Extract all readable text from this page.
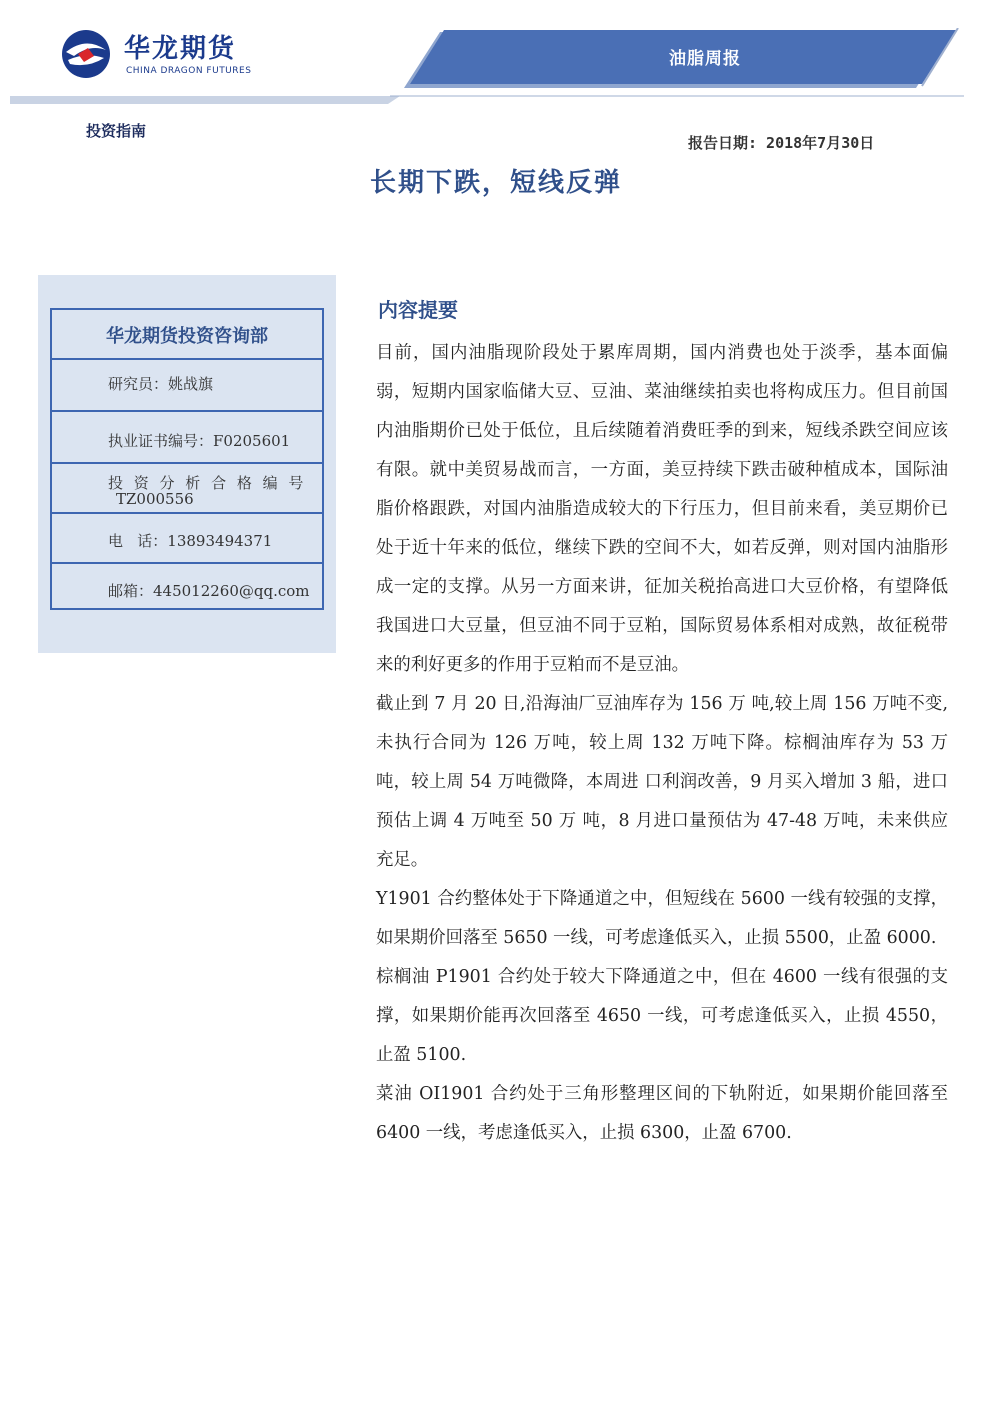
华龙期货
CHINA DRAGON FUTURES
油脂周报
投资指南
报告日期: 2018年7月30日
长期下跌，短线反弹
华龙期货投资咨询部
研究员：姚战旗
执业证书编号：F0205601
投 资 分 析 合 格 编 号
TZ000556
电   话：13893494371
邮箱：445012260@qq.com
内容提要

目前，国内油脂现阶段处于累库周期，国内消费也处于淡季，基本面偏弱，短期内国家临储大豆、豆油、菜油继续拍卖也将构成压力。但目前国内油脂期价已处于低位，且后续随着消费旺季的到来，短线杀跌空间应该有限。就中美贸易战而言，一方面，美豆持续下跌击破种植成本，国际油脂价格跟跌，对国内油脂造成较大的下行压力，但目前来看，美豆期价已处于近十年来的低位，继续下跌的空间不大，如若反弹，则对国内油脂形成一定的支撑。从另一方面来讲，征加关税抬高进口大豆价格，有望降低我国进口大豆量，但豆油不同于豆粕，国际贸易体系相对成熟，故征税带来的利好更多的作用于豆粕而不是豆油。

截止到 7 月 20 日,沿海油厂豆油库存为 156 万 吨,较上周 156 万吨不变,未执行合同为 126 万吨，较上周 132 万吨下降。棕榈油库存为 53 万吨，较上周 54 万吨微降，本周进 口利润改善，9 月买入增加 3 船，进口预估上调 4 万吨至 50 万 吨，8 月进口量预估为 47-48 万吨，未来供应充足。

Y1901 合约整体处于下降通道之中，但短线在 5600 一线有较强的支撑，如果期价回落至 5650 一线，可考虑逢低买入，止损 5500，止盈 6000.

棕榈油 P1901 合约处于较大下降通道之中，但在 4600 一线有很强的支撑，如果期价能再次回落至 4650 一线，可考虑逢低买入，止损 4550，止盈 5100.

菜油 OI1901 合约处于三角形整理区间的下轨附近，如果期价能回落至 6400 一线，考虑逢低买入，止损 6300，止盈 6700.
